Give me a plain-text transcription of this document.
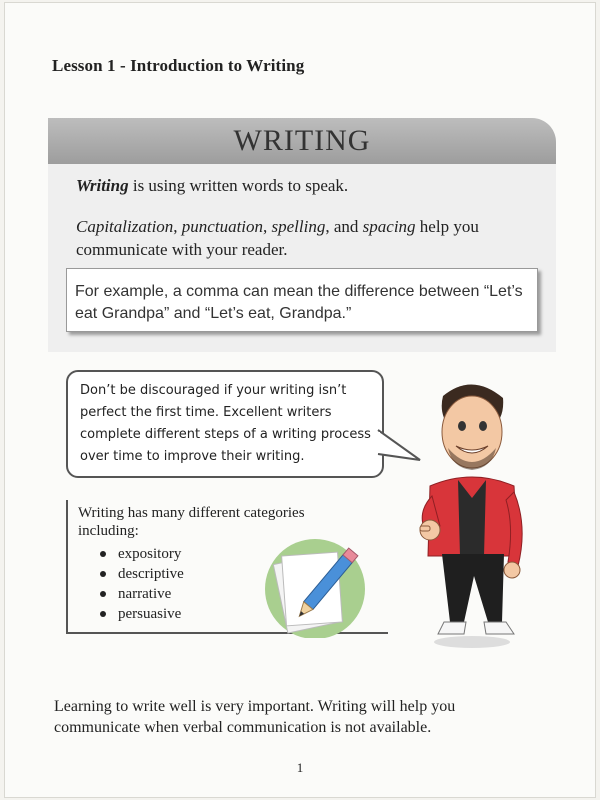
Lesson 1 - Introduction to Writing
WRITING
Writing is using written words to speak.
Capitalization, punctuation, spelling, and spacing help you communicate with your reader.
For example, a comma can mean the difference between “Let’s eat Grandpa” and “Let’s eat, Grandpa.”
Don’t be discouraged if your writing isn’t perfect the first time. Excellent writers complete different steps of a writing process over time to improve their writing.
Writing has many different categories including:
expository
descriptive
narrative
persuasive
Learning to write well is very important. Writing will help you communicate when verbal communication is not available.
1
